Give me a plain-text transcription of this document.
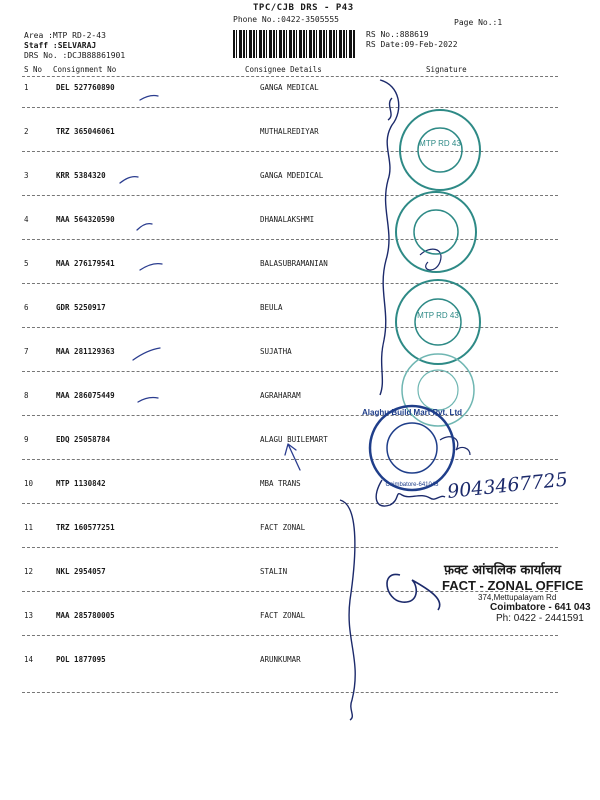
TPC/CJB DRS - P43
Phone No.:0422-3505555	Page No.:1
Area :MTP RD-2-43
Staff :SELVARAJ
DRS No. :DCJB88861901
RS No.:888619
RS Date:09-Feb-2022
S No Consignment No	Consignee Details	Signature
1	DEL 527760890	GANGA MEDICAL
2	TRZ 365046061	MUTHALREDIYAR
3	KRR 5384320	GANGA MDEDICAL
4	MAA 564320590	DHANALAKSHMI
5	MAA 276179541	BALASUBRAMANIAN
6	GDR 5250917	BEULA
7	MAA 281129363	SUJATHA
8	MAA 286075449	AGRAHARAM
9	EDQ 25058784	ALAGU BUILEMART
10	MTP 1130842	MBA TRANS
11	TRZ 160577251	FACT ZONAL
12	NKL 2954057	STALIN
13	MAA 285780005	FACT ZONAL
14	POL 1877095	ARUNKUMAR
9043467725
MTP RD 43
MTP RD 43
Alaghu Build Mart Pvt. Ltd
Coimbatore-641043
फ़क्ट आंचलिक कार्यालय
FACT - ZONAL OFFICE
374,Mettupalayam Rd
Coimbatore - 641 043
Ph: 0422 - 2441591
